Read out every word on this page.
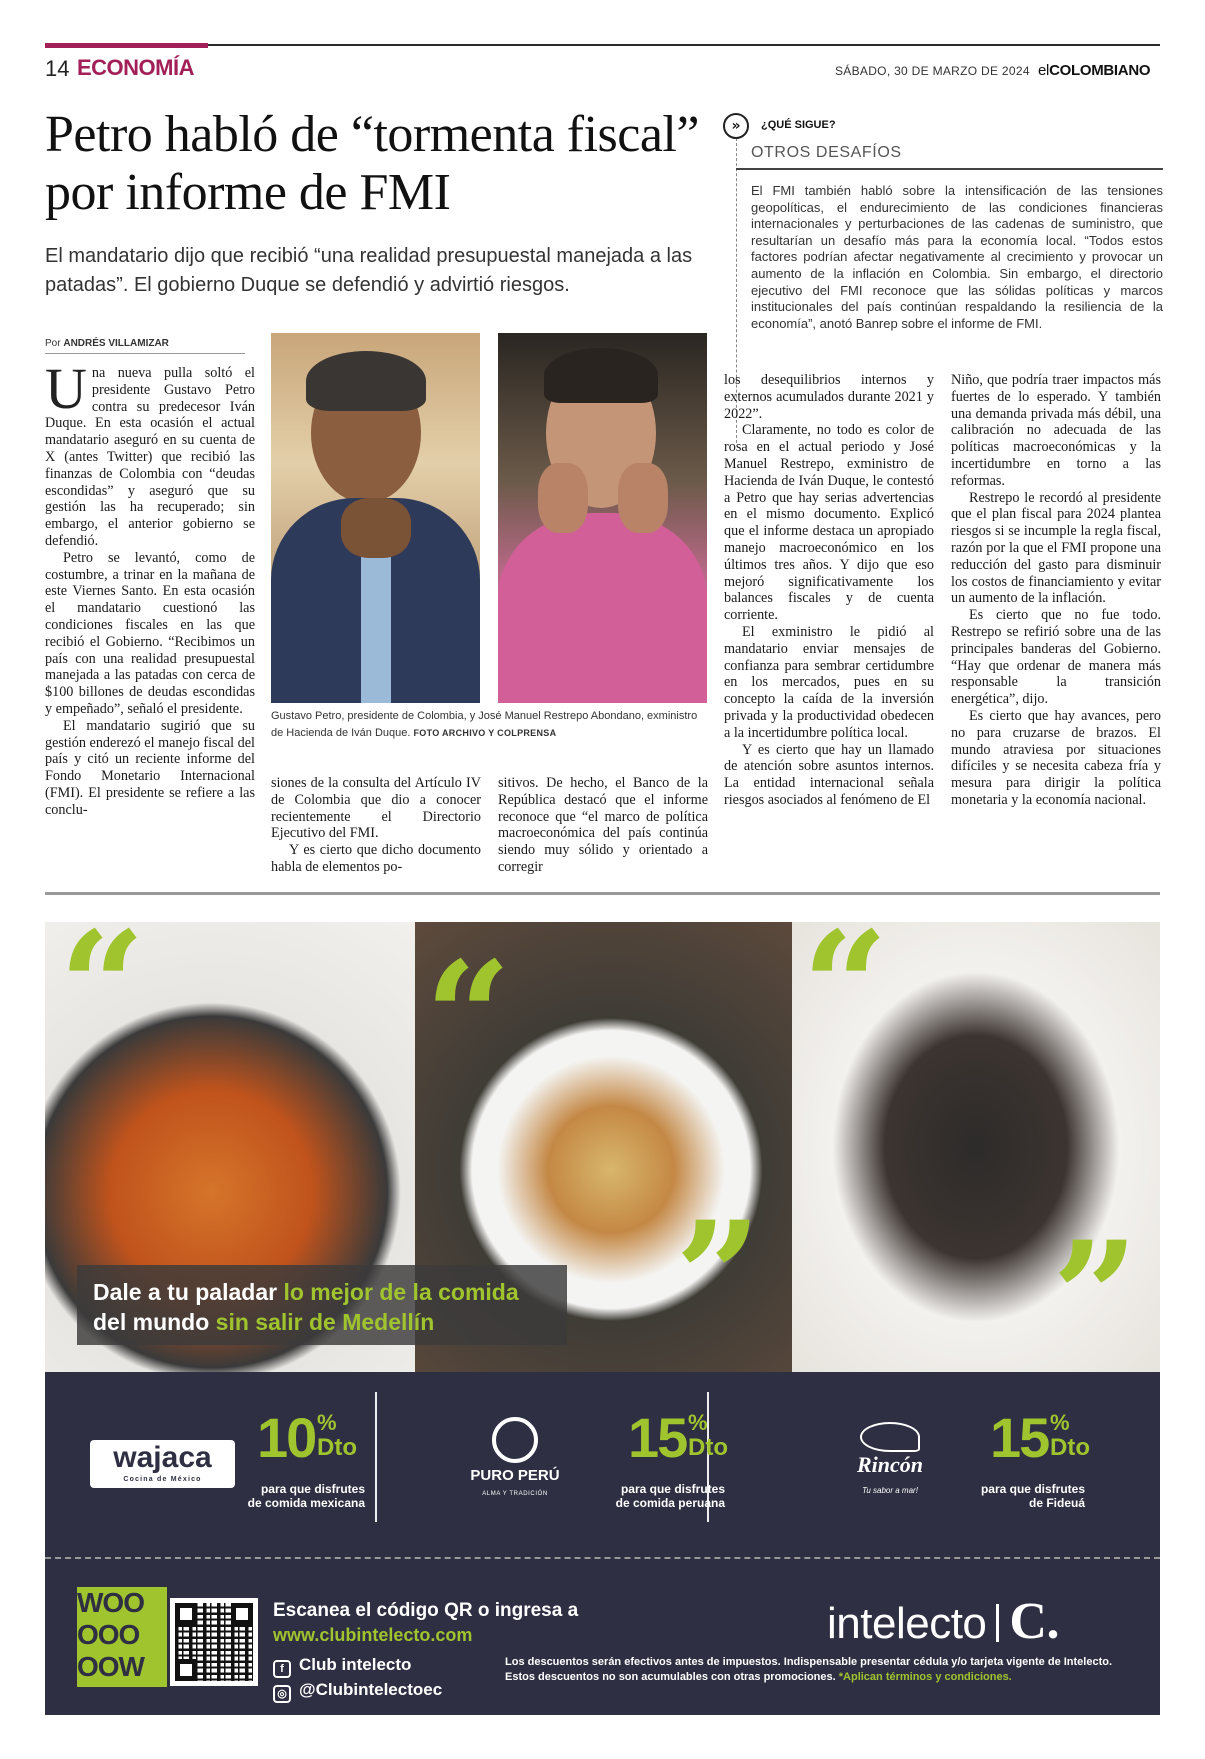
14 ECONOMÍA	SÁBADO, 30 DE MARZO DE 2024 elCOLOMBIANO
Petro habló de “tormenta fiscal” por informe de FMI

El mandatario dijo que recibió “una realidad presupuestal manejada a las patadas”. El gobierno Duque se defendió y advirtió riesgos.

»	¿QUÉ SIGUE?
OTROS DESAFÍOS

El FMI también habló sobre la intensificación de las tensiones geopolíticas, el endurecimiento de las condiciones financieras internacionales y perturbaciones de las cadenas de suministro, que resultarían un desafío más para la economía local. “Todos estos factores podrían afectar negativamente al crecimiento y provocar un aumento de la inflación en Colombia. Sin embargo, el directorio ejecutivo del FMI reconoce que las sólidas políticas y marcos institucionales del país continúan respaldando la resiliencia de la economía”, anotó Banrep sobre el informe de FMI.

Por ANDRÉS VILLAMIZAR

Una nueva pulla soltó el presidente Gustavo Petro contra su predecesor Iván Duque. En esta ocasión el actual mandatario aseguró en su cuenta de X (antes Twitter) que recibió las finanzas de Colombia con “deudas escondidas” y aseguró que su gestión las ha recuperado; sin embargo, el anterior gobierno se defendió.

Petro se levantó, como de costumbre, a trinar en la mañana de este Viernes Santo. En esta ocasión el mandatario cuestionó las condiciones fiscales en las que recibió el Gobierno. “Recibimos un país con una realidad presupuestal manejada a las patadas con cerca de $100 billones de deudas escondidas y empeñado”, señaló el presidente.

El mandatario sugirió que su gestión enderezó el manejo fiscal del país y citó un reciente informe del Fondo Monetario Internacional (FMI). El presidente se refiere a las conclu-

Gustavo Petro, presidente de Colombia, y José Manuel Restrepo Abondano, exministro de Hacienda de Iván Duque. FOTO ARCHIVO Y COLPRENSA

siones de la consulta del Artículo IV de Colombia que dio a conocer recientemente el Directorio Ejecutivo del FMI.

Y es cierto que dicho documento habla de elementos po-

sitivos. De hecho, el Banco de la República destacó que el informe reconoce que “el marco de política macroeconómica del país continúa siendo muy sólido y orientado a corregir

los desequilibrios internos y externos acumulados durante 2021 y 2022”.

Claramente, no todo es color de rosa en el actual periodo y José Manuel Restrepo, exministro de Hacienda de Iván Duque, le contestó a Petro que hay serias advertencias en el mismo documento. Explicó que el informe destaca un apropiado manejo macroeconómico en los últimos tres años. Y dijo que eso mejoró significativamente los balances fiscales y de cuenta corriente.

El exministro le pidió al mandatario enviar mensajes de confianza para sembrar certidumbre en los mercados, pues en su concepto la caída de la inversión privada y la productividad obedecen a la incertidumbre política local.

Y es cierto que hay un llamado de atención sobre asuntos internos. La entidad internacional señala riesgos asociados al fenómeno de El

Niño, que podría traer impactos más fuertes de lo esperado. Y también una demanda privada más débil, una calibración no adecuada de las políticas macroeconómicas y la incertidumbre en torno a las reformas.

Restrepo le recordó al presidente que el plan fiscal para 2024 plantea riesgos si se incumple la regla fiscal, razón por la que el FMI propone una reducción del gasto para disminuir los costos de financiamiento y evitar un aumento de la inflación.

Es cierto que no fue todo. Restrepo se refirió sobre una de las principales banderas del Gobierno. “Hay que ordenar de manera más responsable la transición energética”, dijo.

Es cierto que hay avances, pero no para cruzarse de brazos. El mundo atraviesa por situaciones difíciles y se necesita cabeza fría y mesura para dirigir la política monetaria y la economía nacional.

“ “
”
“
”
Dale a tu paladar lo mejor de la comida
del mundo sin salir de Medellín
wajaca
Cocina de México
10 %
Dto
para que disfrutes
de comida mexicana
PURO PERÚ
ALMA Y TRADICIÓN
15 %
Dto
para que disfrutes
de comida peruana
Rincón
Tu sabor a mar!
15 %
Dto
para que disfrutes
de Fideuá
WOO OOO OOW
Escanea el código QR o ingresa a
www.clubintelecto.com
f Club intelecto
◎ @Clubintelectoec
intelecto C.
Los descuentos serán efectivos antes de impuestos. Indispensable presentar cédula y/o tarjeta vigente de Intelecto. Estos descuentos no son acumulables con otras promociones. *Aplican términos y condiciones.
